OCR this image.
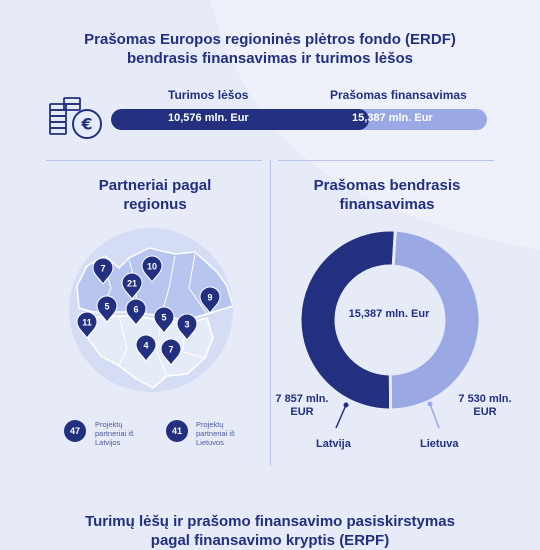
Prašomas Europos regioninės plėtros fondo (ERDF)
bendrasis finansavimas ir turimos lėšos
€
Turimos lėšos	Prašomas finansavimas
10,576 mln. Eur	15,387 mln. Eur
Partneriai pagal
regionus
7	10
21
9
5	6
5
11	3
4 7
47
Projektų partneriai iš Latvijos
41
Projektų partneriai iš Lietuvos
Prašomas bendrasis
finansavimas
15,387 mln. Eur
7 857 mln.
EUR
7 530 mln.
EUR
Latvija	Lietuva
Turimų lėšų ir prašomo finansavimo pasiskirstymas
pagal finansavimo kryptis (ERPF)
